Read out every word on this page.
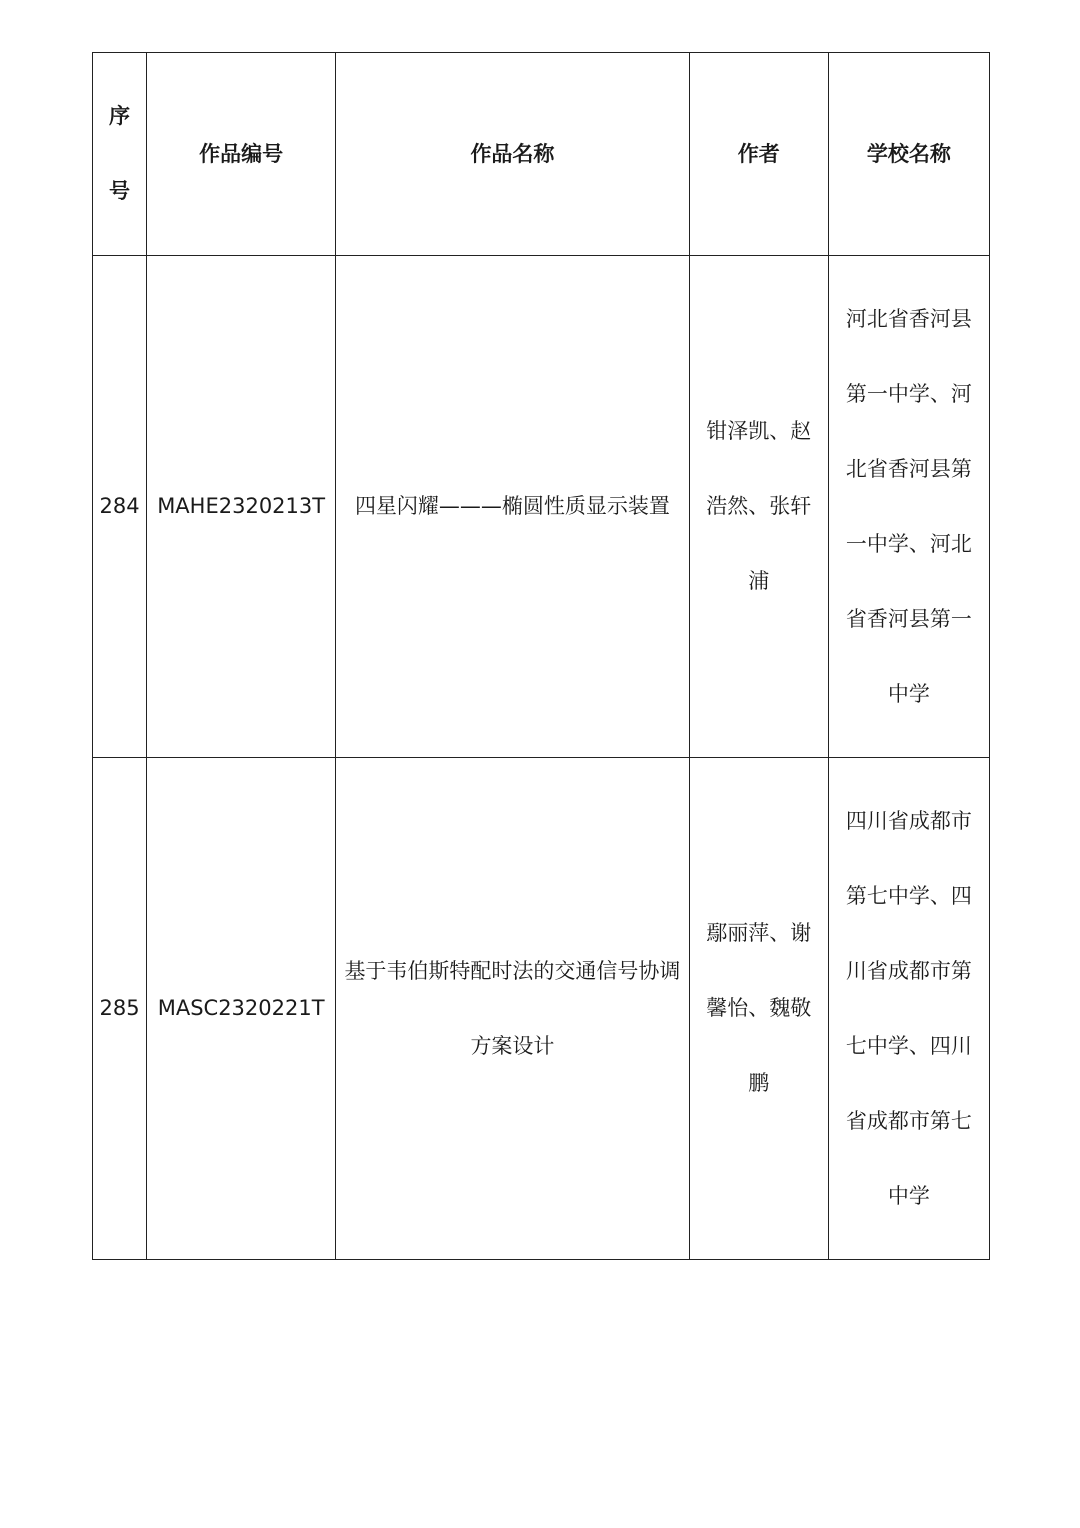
序号	作品编号	作品名称	作者	学校名称
284	MAHE2320213T	四星闪耀———椭圆性质显示装置	钳泽凯、赵浩然、张轩浦	河北省香河县第一中学、河北省香河县第一中学、河北省香河县第一中学
285	MASC2320221T	基于韦伯斯特配时法的交通信号协调方案设计	鄢丽萍、谢馨怡、魏敬鹏	四川省成都市第七中学、四川省成都市第七中学、四川省成都市第七中学
